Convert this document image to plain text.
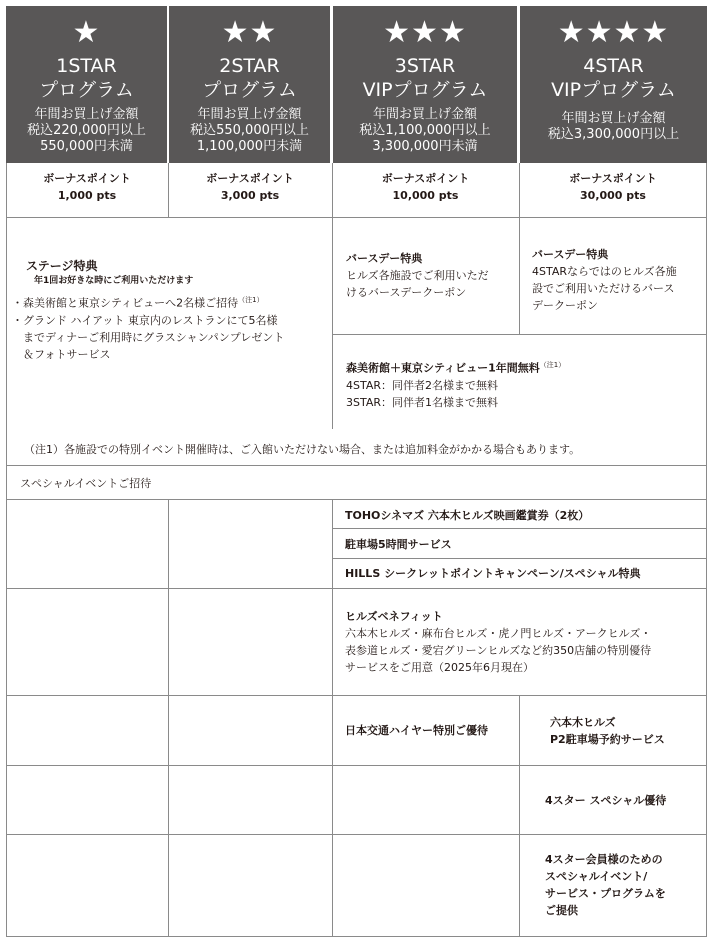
★
1STAR
プログラム
年間お買上げ金額
税込220,000円以上
550,000円未満
★★
2STAR
プログラム
年間お買上げ金額
税込550,000円以上
1,100,000円未満
★★★
3STAR
VIPプログラム
年間お買上げ金額
税込1,100,000円以上
3,300,000円未満
★★★★
4STAR
VIPプログラム
年間お買上げ金額
税込3,300,000円以上
ボーナスポイント
1,000 pts
ボーナスポイント
3,000 pts
ボーナスポイント
10,000 pts
ボーナスポイント
30,000 pts
ステージ特典
年1回お好きな時にご利用いただけます
・森美術館と東京シティビューへ2名様ご招待$^{(注1)}$
・グランド ハイアット 東京内のレストランにて5名様
　までディナーご利用時にグラスシャンパンプレゼント
　＆フォトサービス
バースデー特典
ヒルズ各施設でご利用いただ
けるバースデークーポン
バースデー特典
4STARならではのヒルズ各施
設でご利用いただけるバース
デークーポン
森美術館＋東京シティビュー1年間無料$^{(注1)}$
4STAR：同伴者2名様まで無料
3STAR：同伴者1名様まで無料
（注1）各施設での特別イベント開催時は、ご入館いただけない場合、または追加料金がかかる場合もあります。
スペシャルイベントご招待
TOHOシネマズ 六本木ヒルズ映画鑑賞券（2枚）
駐車場5時間サービス
HILLS シークレットポイントキャンペーン/スペシャル特典
ヒルズベネフィット
六本木ヒルズ・麻布台ヒルズ・虎ノ門ヒルズ・アークヒルズ・
表参道ヒルズ・愛宕グリーンヒルズなど約350店舗の特別優待
サービスをご用意（2025年6月現在）
日本交通ハイヤー特別ご優待
六本木ヒルズ
P2駐車場予約サービス
4スター スペシャル優待
4スター会員様のための
スペシャルイベント/
サービス・プログラムを
ご提供
